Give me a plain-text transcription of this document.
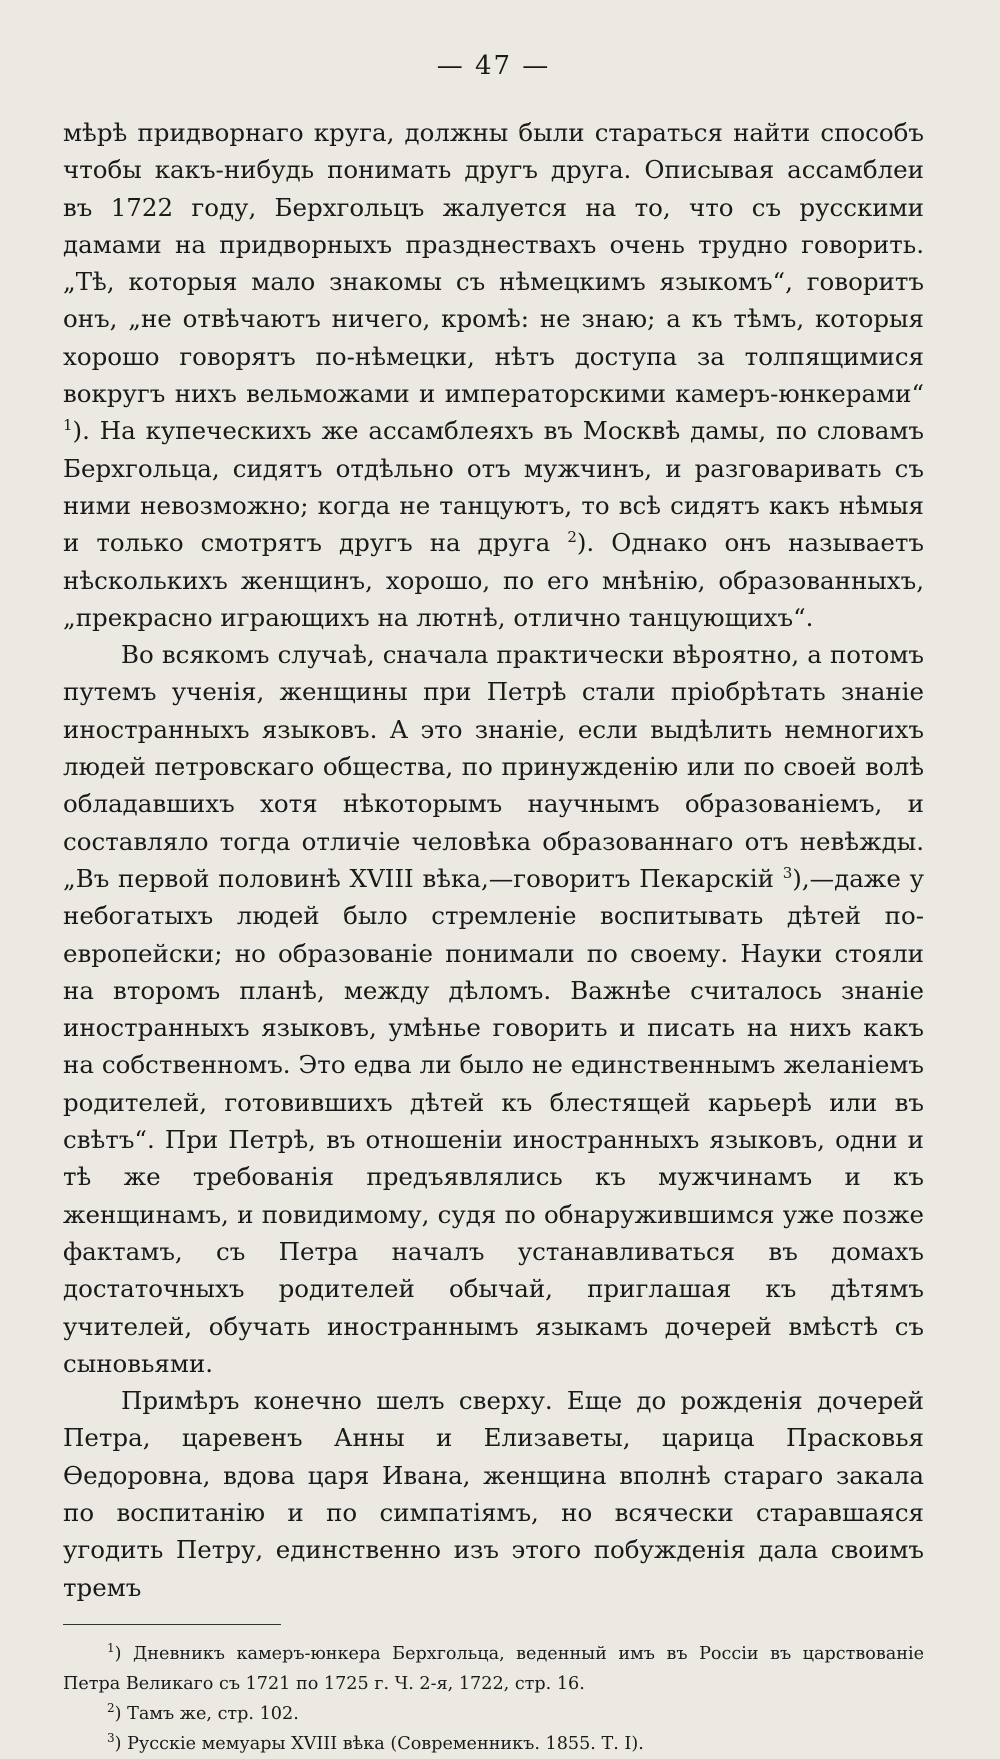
— 47 —

мѣрѣ придворнаго круга, должны были стараться найти способъ чтобы какъ-нибудь понимать другъ друга. Описывая ассамблеи въ 1722 году, Берхгольцъ жалуется на то, что съ русскими дамами на придворныхъ празднествахъ очень трудно говорить. „Тѣ, которыя мало знакомы съ нѣмецкимъ языкомъ“, говоритъ онъ, „не отвѣчаютъ ничего, кромѣ: не знаю; а къ тѣмъ, которыя хорошо говорятъ по-нѣмецки, нѣтъ доступа за толпящимися вокругъ нихъ вельможами и императорскими камеръ-юнкерами“ $^1$). На купеческихъ же ассамблеяхъ въ Москвѣ дамы, по словамъ Берхгольца, сидятъ отдѣльно отъ мужчинъ, и разговаривать съ ними невозможно; когда не танцуютъ, то всѣ сидятъ какъ нѣмыя и только смотрятъ другъ на друга $^2$). Однако онъ называетъ нѣсколькихъ женщинъ, хорошо, по его мнѣнію, образованныхъ, „прекрасно играющихъ на лютнѣ, отлично танцующихъ“.

Во всякомъ случаѣ, сначала практически вѣроятно, а потомъ путемъ ученія, женщины при Петрѣ стали пріобрѣтать знаніе иностранныхъ языковъ. А это знаніе, если выдѣлить немногихъ людей петровскаго общества, по принужденію или по своей волѣ обладавшихъ хотя нѣкоторымъ научнымъ образованіемъ, и составляло тогда отличіе человѣка образованнаго отъ невѣжды. „Въ первой половинѣ XVIII вѣка,—говоритъ Пекарскій $^3$),—даже у небогатыхъ людей было стремленіе воспитывать дѣтей по-европейски; но образованіе понимали по своему. Науки стояли на второмъ планѣ, между дѣломъ. Важнѣе считалось знаніе иностранныхъ языковъ, умѣнье говорить и писать на нихъ какъ на собственномъ. Это едва ли было не единственнымъ желаніемъ родителей, готовившихъ дѣтей къ блестящей карьерѣ или въ свѣтъ“. При Петрѣ, въ отношеніи иностранныхъ языковъ, одни и тѣ же требованія предъявлялись къ мужчинамъ и къ женщинамъ, и повидимому, судя по обнаружившимся уже позже фактамъ, съ Петра началъ устанавливаться въ домахъ достаточныхъ родителей обычай, приглашая къ дѣтямъ учителей, обучать иностраннымъ языкамъ дочерей вмѣстѣ съ сыновьями.

Примѣръ конечно шелъ сверху. Еще до рожденія дочерей Петра, царевенъ Анны и Елизаветы, царица Прасковья Ѳедоровна, вдова царя Ивана, женщина вполнѣ стараго закала по воспитанію и по симпатіямъ, но всячески старавшаяся угодить Петру, единственно изъ этого побужденія дала своимъ тремъ

$^1$) Дневникъ камеръ-юнкера Берхгольца, веденный имъ въ Россіи въ царствованіе Петра Великаго съ 1721 по 1725 г. Ч. 2-я, 1722, стр. 16.

$^2$) Тамъ же, стр. 102.

$^3$) Русскіе мемуары XVIII вѣка (Современникъ. 1855. Т. I).
